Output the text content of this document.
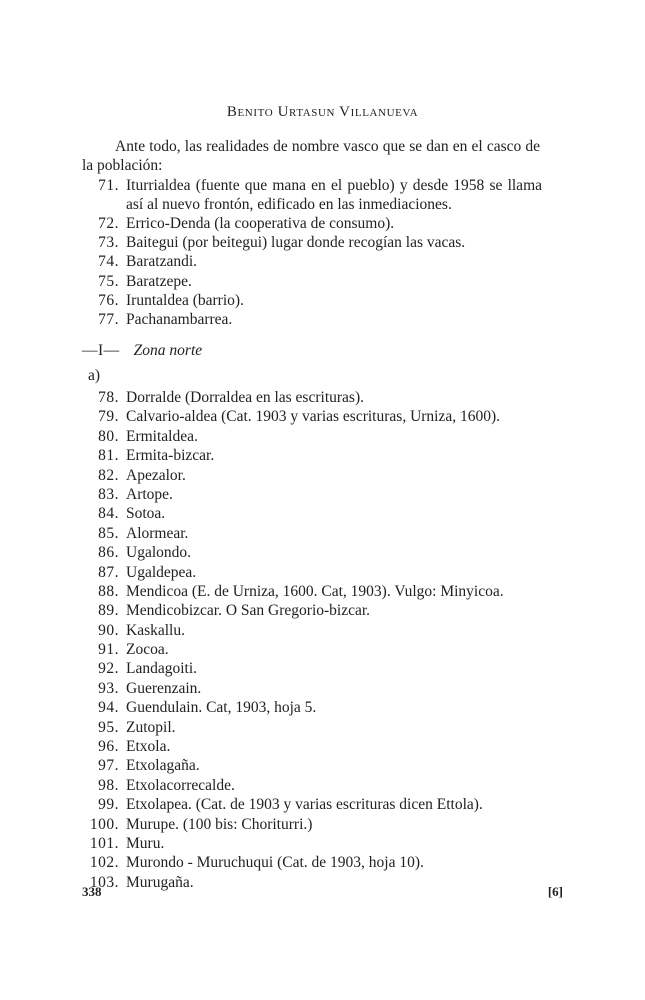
Benito Urtasun Villanueva

Ante todo, las realidades de nombre vasco que se dan en el casco de la población:

71. Iturrialdea (fuente que mana en el pueblo) y desde 1958 se llama así al nuevo frontón, edificado en las inmediaciones.
72. Errico-Denda (la cooperativa de consumo).
73. Baitegui (por beitegui) lugar donde recogían las vacas.
74. Baratzandi.
75. Baratzepe.
76. Iruntaldea (barrio).
77. Pachanambarrea.
—I— Zona norte
a)
78. Dorralde (Dorraldea en las escrituras).
79. Calvario-aldea (Cat. 1903 y varias escrituras, Urniza, 1600).
80. Ermitaldea.
81. Ermita-bizcar.
82. Apezalor.
83. Artope.
84. Sotoa.
85. Alormear.
86. Ugalondo.
87. Ugaldepea.
88. Mendicoa (E. de Urniza, 1600. Cat, 1903). Vulgo: Minyicoa.
89. Mendicobizcar. O San Gregorio-bizcar.
90. Kaskallu.
91. Zocoa.
92. Landagoiti.
93. Guerenzain.
94. Guendulain. Cat, 1903, hoja 5.
95. Zutopil.
96. Etxola.
97. Etxolagaña.
98. Etxolacorrecalde.
99. Etxolapea. (Cat. de 1903 y varias escrituras dicen Ettola).
100. Murupe. (100 bis: Choriturri.)
101. Muru.
102. Murondo - Muruchuqui (Cat. de 1903, hoja 10).
103. Murugaña.
338	[6]
